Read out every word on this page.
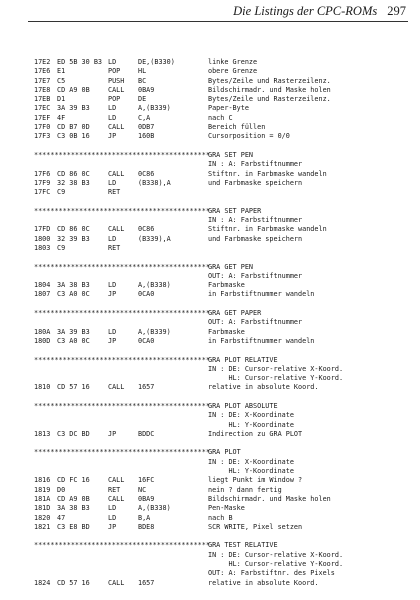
Die Listings der CPC-ROMs 297
17E2 ED 5B 30 B3 LD	DE,(B330)	linke Grenze
17E6 E1	POP	HL	obere Grenze
17E7 C5	PUSH BC	Bytes/Zeile und Rasterzeilenz.
17E8 CD A9 0B	CALL 0BA9	Bildschirmadr. und Maske holen
17EB D1	POP	DE	Bytes/Zeile und Rasterzeilenz.
17EC 3A 39 B3	LD	A,(B339)	Paper-Byte
17EF 4F	LD	C,A	nach C
17F0 CD B7 0D	CALL 0DB7	Bereich füllen
17F3 C3 0B 16	JP	160B	Cursorposition = 0/0
*******************************************
GRA SET PEN
IN : A: Farbstiftnummer
17F6 CD 86 0C	CALL 0C86	Stiftnr. in Farbmaske wandeln
17F9 32 38 B3	LD	(B338),A	und Farbmaske speichern
17FC C9	RET
*******************************************
GRA SET PAPER
IN : A: Farbstiftnummer
17FD CD 86 0C	CALL 0C86	Stiftnr. in Farbmaske wandeln
1800 32 39 B3	LD	(B339),A	und Farbmaske speichern
1803 C9	RET
*******************************************
GRA GET PEN
OUT: A: Farbstiftnummer
1804 3A 38 B3	LD	A,(B338)	Farbmaske
1807 C3 A0 0C	JP	0CA0	in Farbstiftnummer wandeln
*******************************************
GRA GET PAPER
OUT: A: Farbstiftnummer
180A 3A 39 B3	LD	A,(B339)	Farbmaske
180D C3 A0 0C	JP	0CA0	in Farbstiftnummer wandeln
*******************************************
GRA PLOT RELATIVE
IN : DE: Cursor-relative X-Koord.
HL: Cursor-relative Y-Koord.
1810 CD 57 16	CALL 1657	relative in absolute Koord.
*******************************************
GRA PLOT ABSOLUTE
IN : DE: X-Koordinate
HL: Y-Koordinate
1813 C3 DC BD	JP	BDDC	Indirection zu GRA PLOT
*******************************************
GRA PLOT
IN : DE: X-Koordinate
HL: Y-Koordinate
1816 CD FC 16	CALL 16FC	liegt Punkt im Window ?
1819 D0	RET	NC	nein ? dann fertig
181A CD A9 0B	CALL 0BA9	Bildschirmadr. und Maske holen
181D 3A 38 B3	LD	A,(B338)	Pen-Maske
1820 47	LD	B,A	nach B
1821 C3 E8 BD	JP	BDE8	SCR WRITE, Pixel setzen
*******************************************
GRA TEST RELATIVE
IN : DE: Cursor-relative X-Koord.
HL: Cursor-relative Y-Koord.
OUT: A: Farbstiftnr. des Pixels
1824 CD 57 16	CALL 1657	relative in absolute Koord.
